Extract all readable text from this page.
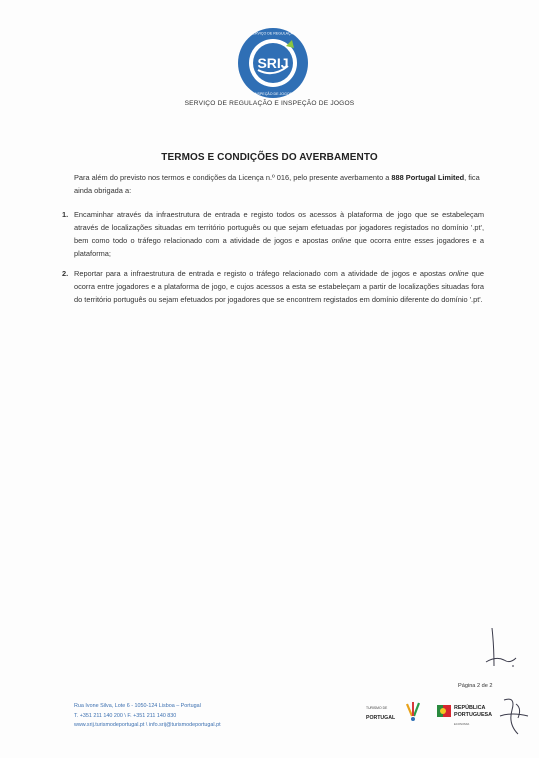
SRIJ
SERVIÇO DE REGULAÇÃO
INSPEÇÃO DE JOGOS
SERVIÇO DE REGULAÇÃO E INSPEÇÃO DE JOGOS
TERMOS E CONDIÇÕES DO AVERBAMENTO
Para além do previsto nos termos e condições da Licença n.º 016, pelo presente averbamento a 888 Portugal Limited, fica ainda obrigada a:
1. Encaminhar através da infraestrutura de entrada e registo todos os acessos à plataforma de jogo que se estabeleçam através de localizações situadas em território português ou que sejam efetuadas por jogadores registados no domínio '.pt', bem como todo o tráfego relacionado com a atividade de jogos e apostas online que ocorra entre esses jogadores e a plataforma;
2. Reportar para a infraestrutura de entrada e registo o tráfego relacionado com a atividade de jogos e apostas online que ocorra entre jogadores e a plataforma de jogo, e cujos acessos a esta se estabeleçam a partir de localizações situadas fora do território português ou sejam efetuados por jogadores que se encontrem registados em domínio diferente do domínio '.pt'.
Página 2 de 2
Rua Ivone Silva, Lote 6 - 1050-124 Lisboa – Portugal
T. +351 211 140 200 \ F. +351 211 140 830
www.srij.turismodeportugal.pt \ info.srij@turismodeportugal.pt
TURISMO DE
PORTUGAL
REPÚBLICA
PORTUGUESA
ECONOMIA
